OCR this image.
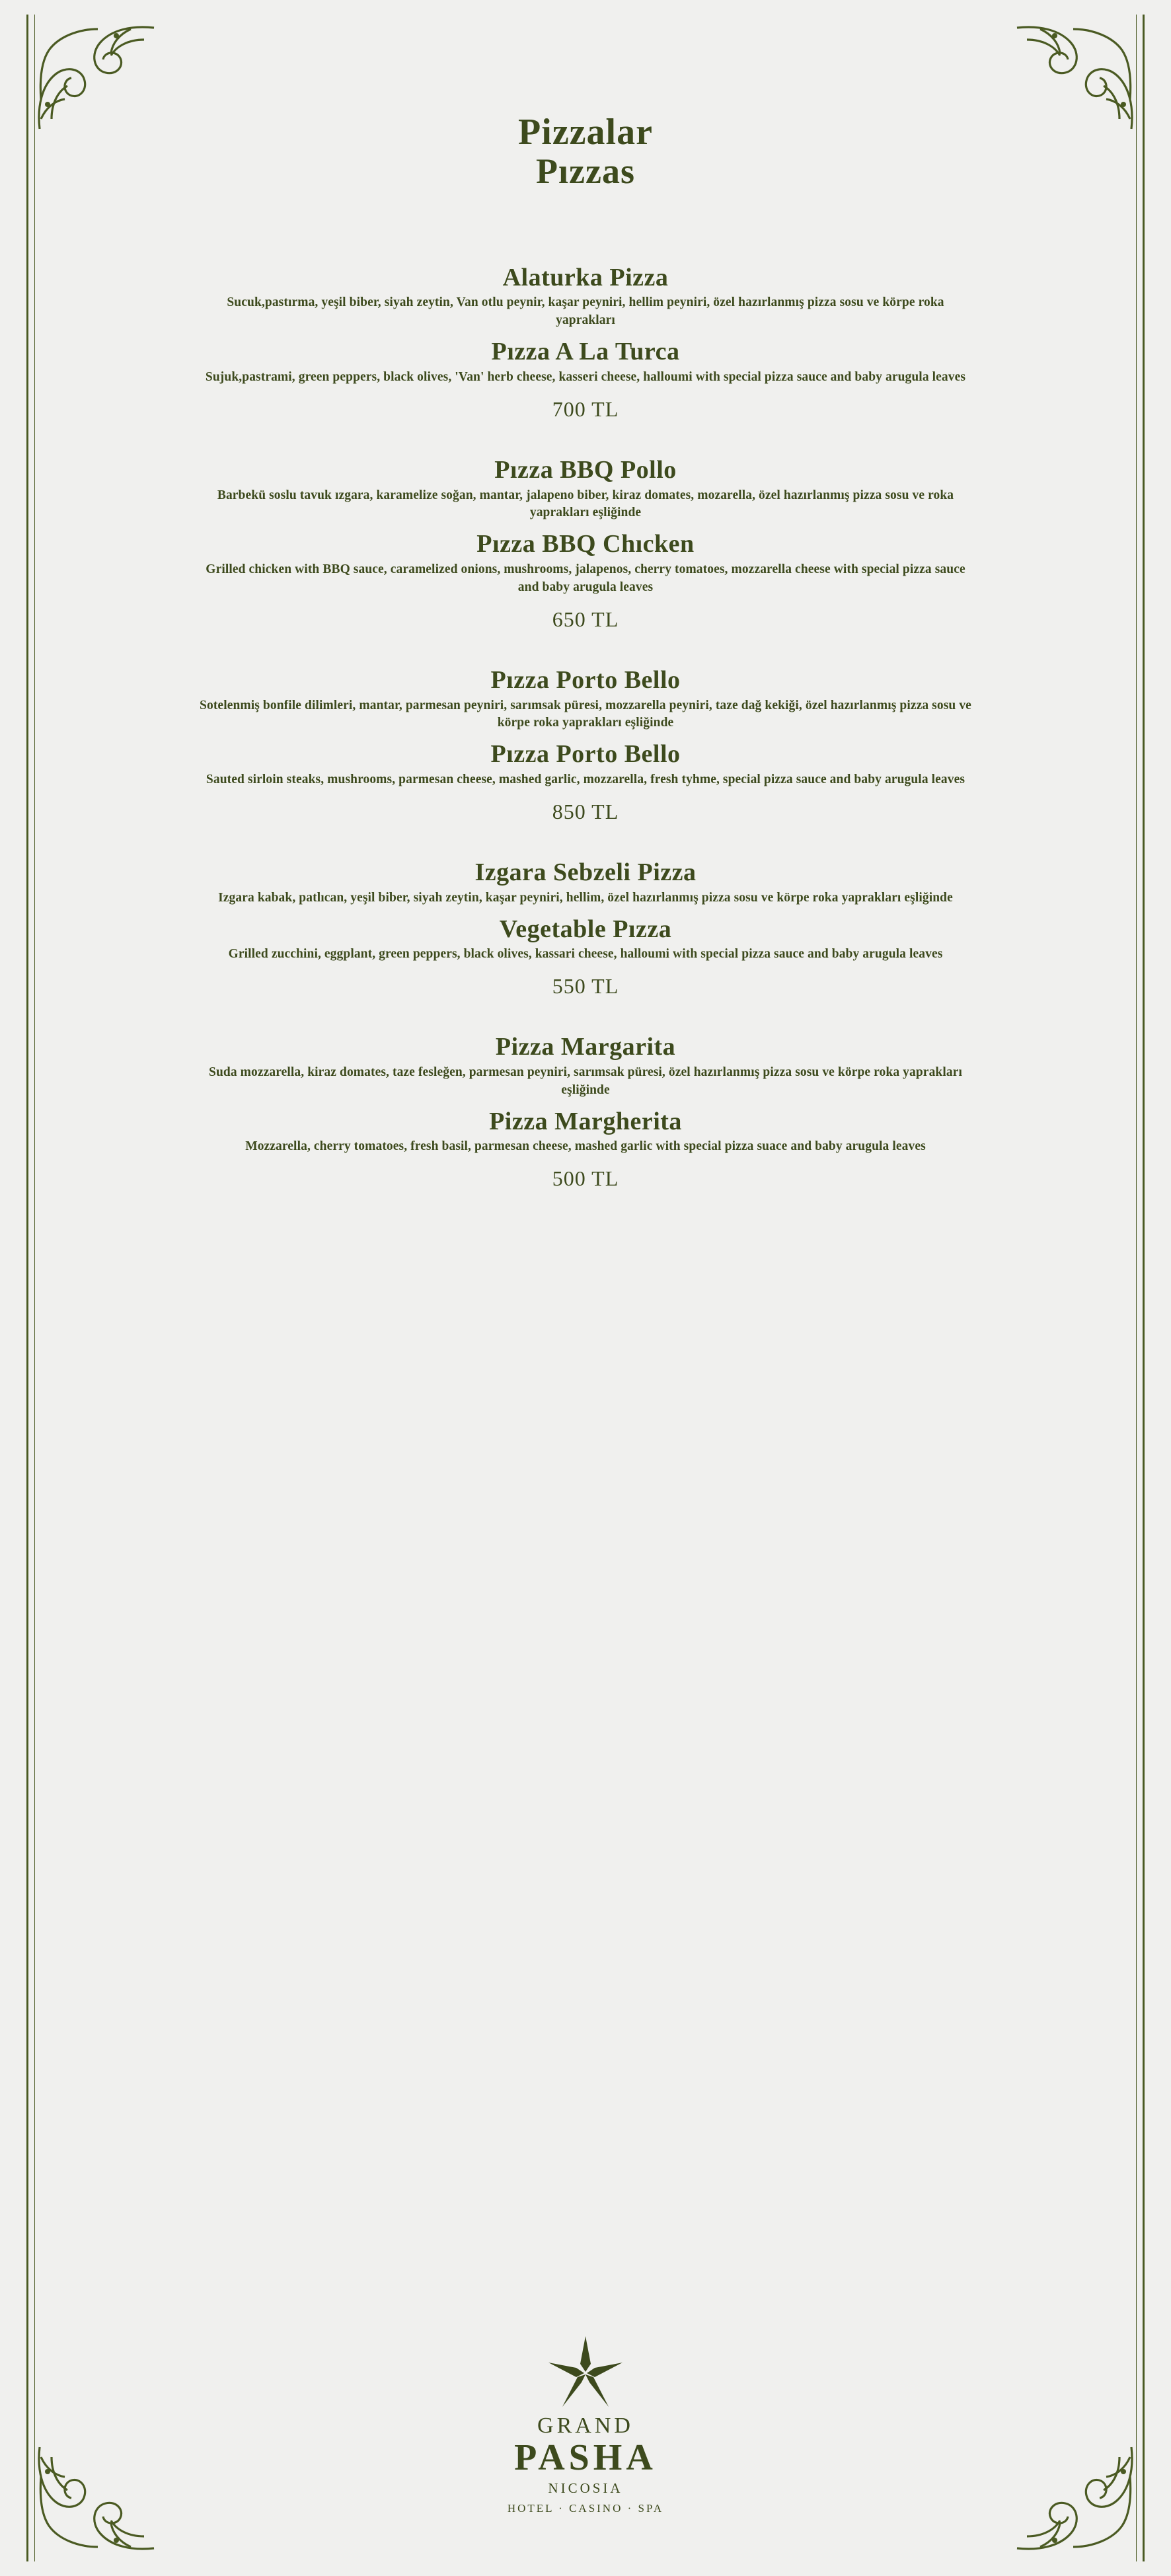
Pizzalar
Pızzas
Alaturka Pizza
Sucuk,pastırma, yeşil biber, siyah zeytin, Van otlu peynir, kaşar peyniri, hellim peyniri, özel hazırlanmış pizza sosu ve körpe roka yaprakları
Pızza A La Turca
Sujuk,pastrami, green peppers, black olives, 'Van' herb cheese, kasseri cheese, halloumi with special pizza sauce and baby arugula leaves
700 TL
Pızza BBQ Pollo
Barbekü soslu tavuk ızgara, karamelize soğan, mantar, jalapeno biber, kiraz domates, mozarella, özel hazırlanmış pizza sosu ve roka yaprakları eşliğinde
Pızza BBQ Chıcken
Grilled chicken with BBQ sauce, caramelized onions, mushrooms, jalapenos, cherry tomatoes, mozzarella cheese with special pizza sauce and baby arugula leaves
650 TL
Pızza Porto Bello
Sotelenmiş bonfile dilimleri, mantar, parmesan peyniri, sarımsak püresi, mozzarella peyniri, taze dağ kekiği, özel hazırlanmış pizza sosu ve körpe roka yaprakları eşliğinde
Pızza Porto Bello
Sauted sirloin steaks, mushrooms, parmesan cheese, mashed garlic, mozzarella, fresh tyhme, special pizza sauce and baby arugula leaves
850 TL
Izgara Sebzeli Pizza
Izgara kabak, patlıcan, yeşil biber, siyah zeytin, kaşar peyniri, hellim, özel hazırlanmış pizza sosu ve körpe roka yaprakları eşliğinde
Vegetable Pızza
Grilled zucchini, eggplant, green peppers, black olives, kassari cheese, halloumi with special pizza sauce and baby arugula leaves
550 TL
Pizza Margarita
Suda mozzarella, kiraz domates, taze fesleğen, parmesan peyniri, sarımsak püresi, özel hazırlanmış pizza sosu ve körpe roka yaprakları eşliğinde
Pizza Margherita
Mozzarella, cherry tomatoes, fresh basil, parmesan cheese, mashed garlic with special pizza suace and baby arugula leaves
500 TL
GRAND
PASHA
NICOSIA
HOTEL · CASINO · SPA
